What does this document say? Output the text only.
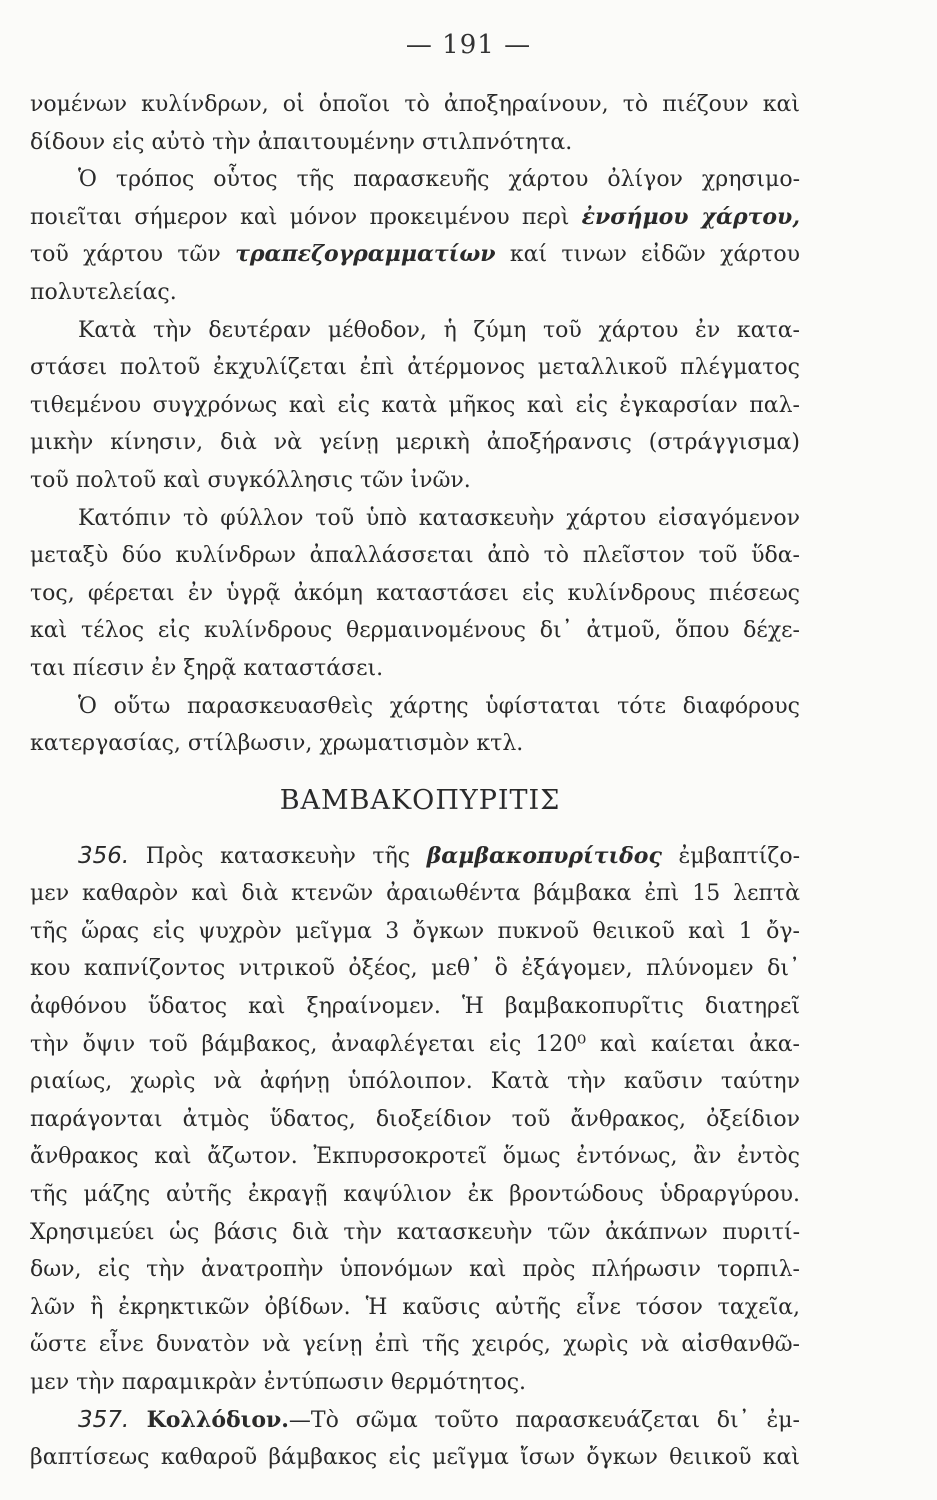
— 191 —
νομένων κυλίνδρων, οἱ ὁποῖοι τὸ ἀποξηραίνουν, τὸ πιέζουν καὶ
δίδουν εἰς αὐτὸ τὴν ἀπαιτουμένην στιλπνότητα.
Ὁ τρόπος οὗτος τῆς παρασκευῆς χάρτου ὀλίγον χρησιμο-
ποιεῖται σήμερον καὶ μόνον προκειμένου περὶ ἐνσήμου χάρτου,
τοῦ χάρτου τῶν τραπεζογραμματίων καί τινων εἰδῶν χάρτου
πολυτελείας.
Κατὰ τὴν δευτέραν μέθοδον, ἡ ζύμη τοῦ χάρτου ἐν κατα-
στάσει πολτοῦ ἐκχυλίζεται ἐπὶ ἀτέρμονος μεταλλικοῦ πλέγματος
τιθεμένου συγχρόνως καὶ εἰς κατὰ μῆκος καὶ εἰς ἐγκαρσίαν παλ-
μικὴν κίνησιν, διὰ νὰ γείνῃ μερικὴ ἀποξήρανσις (στράγγισμα)
τοῦ πολτοῦ καὶ συγκόλλησις τῶν ἰνῶν.
Κατόπιν τὸ φύλλον τοῦ ὑπὸ κατασκευὴν χάρτου εἰσαγόμενον
μεταξὺ δύο κυλίνδρων ἀπαλλάσσεται ἀπὸ τὸ πλεῖστον τοῦ ὕδα-
τος, φέρεται ἐν ὑγρᾷ ἀκόμη καταστάσει εἰς κυλίνδρους πιέσεως
καὶ τέλος εἰς κυλίνδρους θερμαινομένους δι᾿ ἀτμοῦ, ὅπου δέχε-
ται πίεσιν ἐν ξηρᾷ καταστάσει.
Ὁ οὕτω παρασκευασθεὶς χάρτης ὑφίσταται τότε διαφόρους
κατεργασίας, στίλβωσιν, χρωματισμὸν κτλ.
ΒΑΜΒΑΚΟΠΥΡΙΤΙΣ
356. Πρὸς κατασκευὴν τῆς βαμβακοπυρίτιδος ἐμβαπτίζο-
μεν καθαρὸν καὶ διὰ κτενῶν ἀραιωθέντα βάμβακα ἐπὶ 15 λεπτὰ
τῆς ὥρας εἰς ψυχρὸν μεῖγμα 3 ὄγκων πυκνοῦ θειικοῦ καὶ 1 ὄγ-
κου καπνίζοντος νιτρικοῦ ὀξέος, μεθ᾿ ὃ ἐξάγομεν, πλύνομεν δι᾿
ἀφθόνου ὕδατος καὶ ξηραίνομεν. Ἡ βαμβακοπυρῖτις διατηρεῖ
τὴν ὄψιν τοῦ βάμβακος, ἀναφλέγεται εἰς 120⁰ καὶ καίεται ἀκα-
ριαίως, χωρὶς νὰ ἀφήνῃ ὑπόλοιπον. Κατὰ τὴν καῦσιν ταύτην
παράγονται ἀτμὸς ὕδατος, διοξείδιον τοῦ ἄνθρακος, ὀξείδιον
ἄνθρακος καὶ ἄζωτον. Ἐκπυρσοκροτεῖ ὅμως ἐντόνως, ἂν ἐντὸς
τῆς μάζης αὐτῆς ἐκραγῇ καψύλιον ἐκ βροντώδους ὑδραργύρου.
Χρησιμεύει ὡς βάσις διὰ τὴν κατασκευὴν τῶν ἀκάπνων πυριτί-
δων, εἰς τὴν ἀνατροπὴν ὑπονόμων καὶ πρὸς πλήρωσιν τορπιλ-
λῶν ἢ ἐκρηκτικῶν ὀβίδων. Ἡ καῦσις αὐτῆς εἶνε τόσον ταχεῖα,
ὥστε εἶνε δυνατὸν νὰ γείνῃ ἐπὶ τῆς χειρός, χωρὶς νὰ αἰσθανθῶ-
μεν τὴν παραμικρὰν ἐντύπωσιν θερμότητος.
357. Κολλόδιον.—Τὸ σῶμα τοῦτο παρασκευάζεται δι᾿ ἐμ-
βαπτίσεως καθαροῦ βάμβακος εἰς μεῖγμα ἴσων ὄγκων θειικοῦ καὶ
